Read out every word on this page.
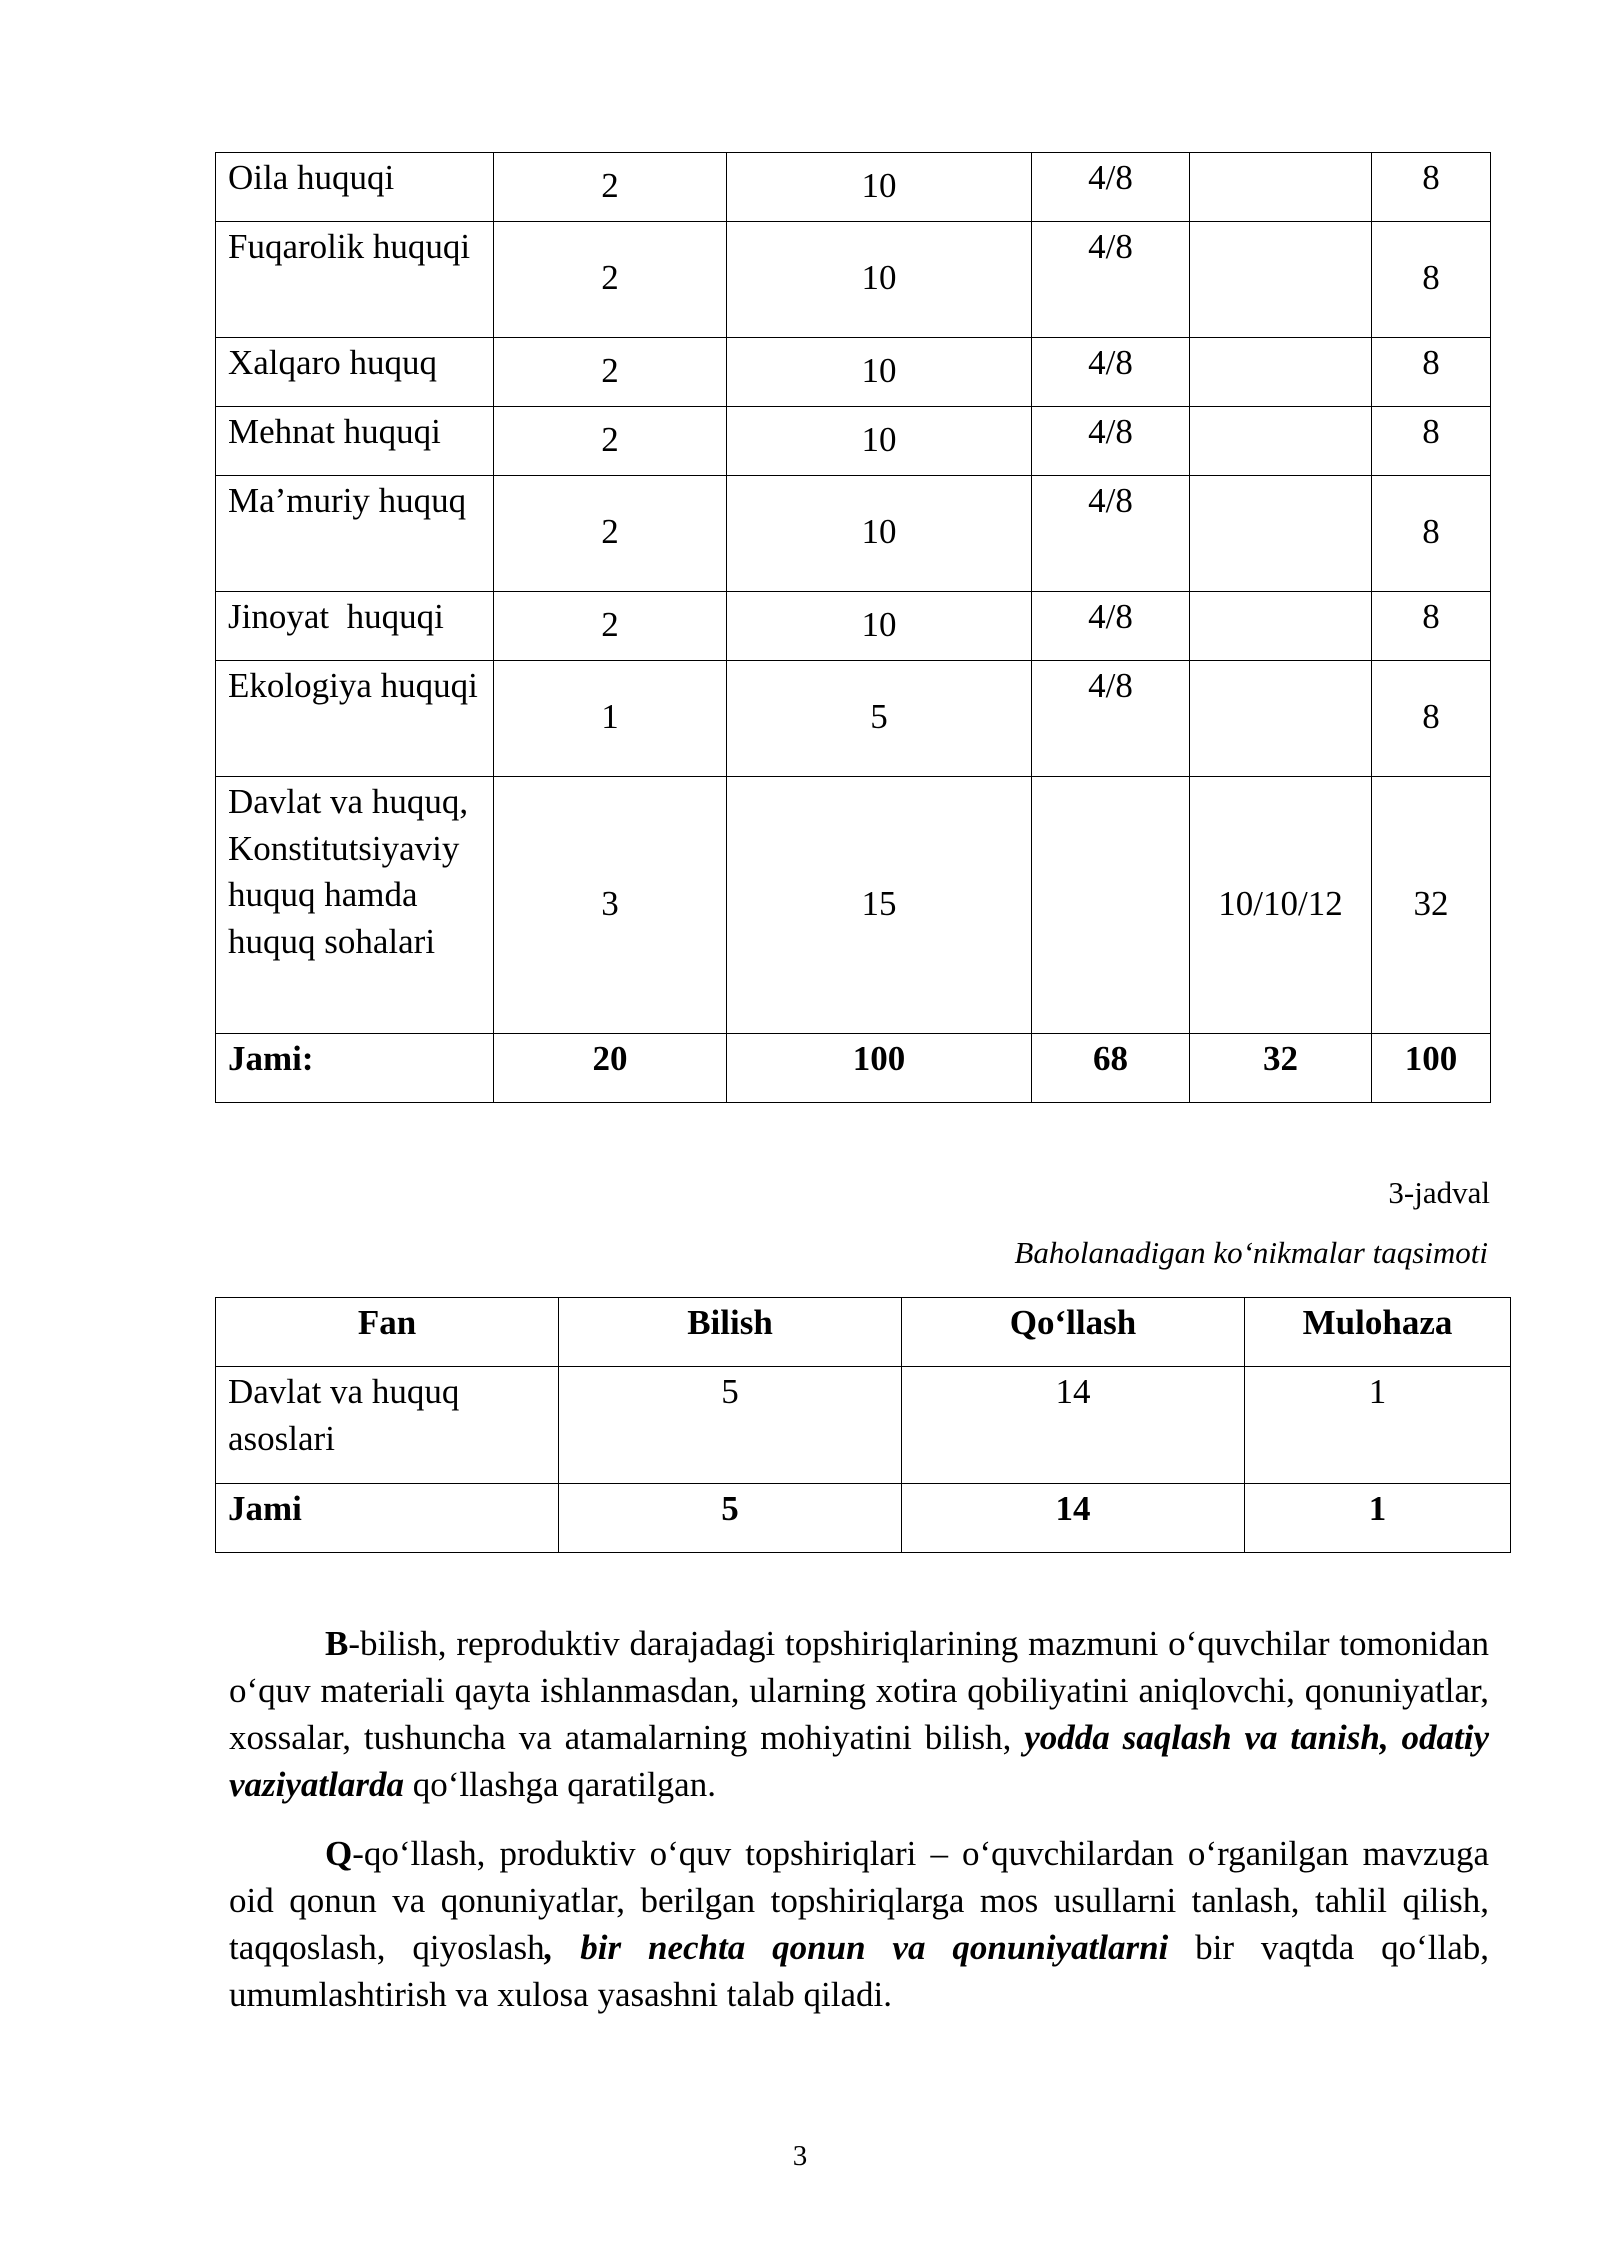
Oila huquqi	2	10	4/8		8
Fuqarolik huquqi	2	10	4/8		8
Xalqaro huquq	2	10	4/8		8
Mehnat huquqi	2	10	4/8		8
Ma’muriy huquq	2	10	4/8		8
Jinoyat  huquqi	2	10	4/8		8
Ekologiya huquqi	1	5	4/8		8
Davlat va huquq, Konstitutsiyaviy huquq hamda huquq sohalari	3	15		10/10/12	32
Jami:	20	100	68	32	100
3-jadval
Baholanadigan ko‘nikmalar taqsimoti
Fan	Bilish	Qo‘llash	Mulohaza
Davlat va huquq asoslari	5	14	1
Jami	5	14	1

B-bilish, reproduktiv darajadagi topshiriqlarining mazmuni o‘quvchilar tomonidan o‘quv materiali qayta ishlanmasdan, ularning xotira qobiliyatini aniqlovchi, qonuniyatlar, xossalar, tushuncha va atamalarning mohiyatini bilish, yodda saqlash va tanish, odatiy vaziyatlarda qo‘llashga qaratilgan.

Q-qo‘llash, produktiv o‘quv topshiriqlari – o‘quvchilardan o‘rganilgan mavzuga oid qonun va qonuniyatlar, berilgan topshiriqlarga mos usullarni tanlash, tahlil qilish, taqqoslash, qiyoslash, bir nechta qonun va qonuniyatlarni bir vaqtda qo‘llab, umumlashtirish va xulosa yasashni talab qiladi.

3
